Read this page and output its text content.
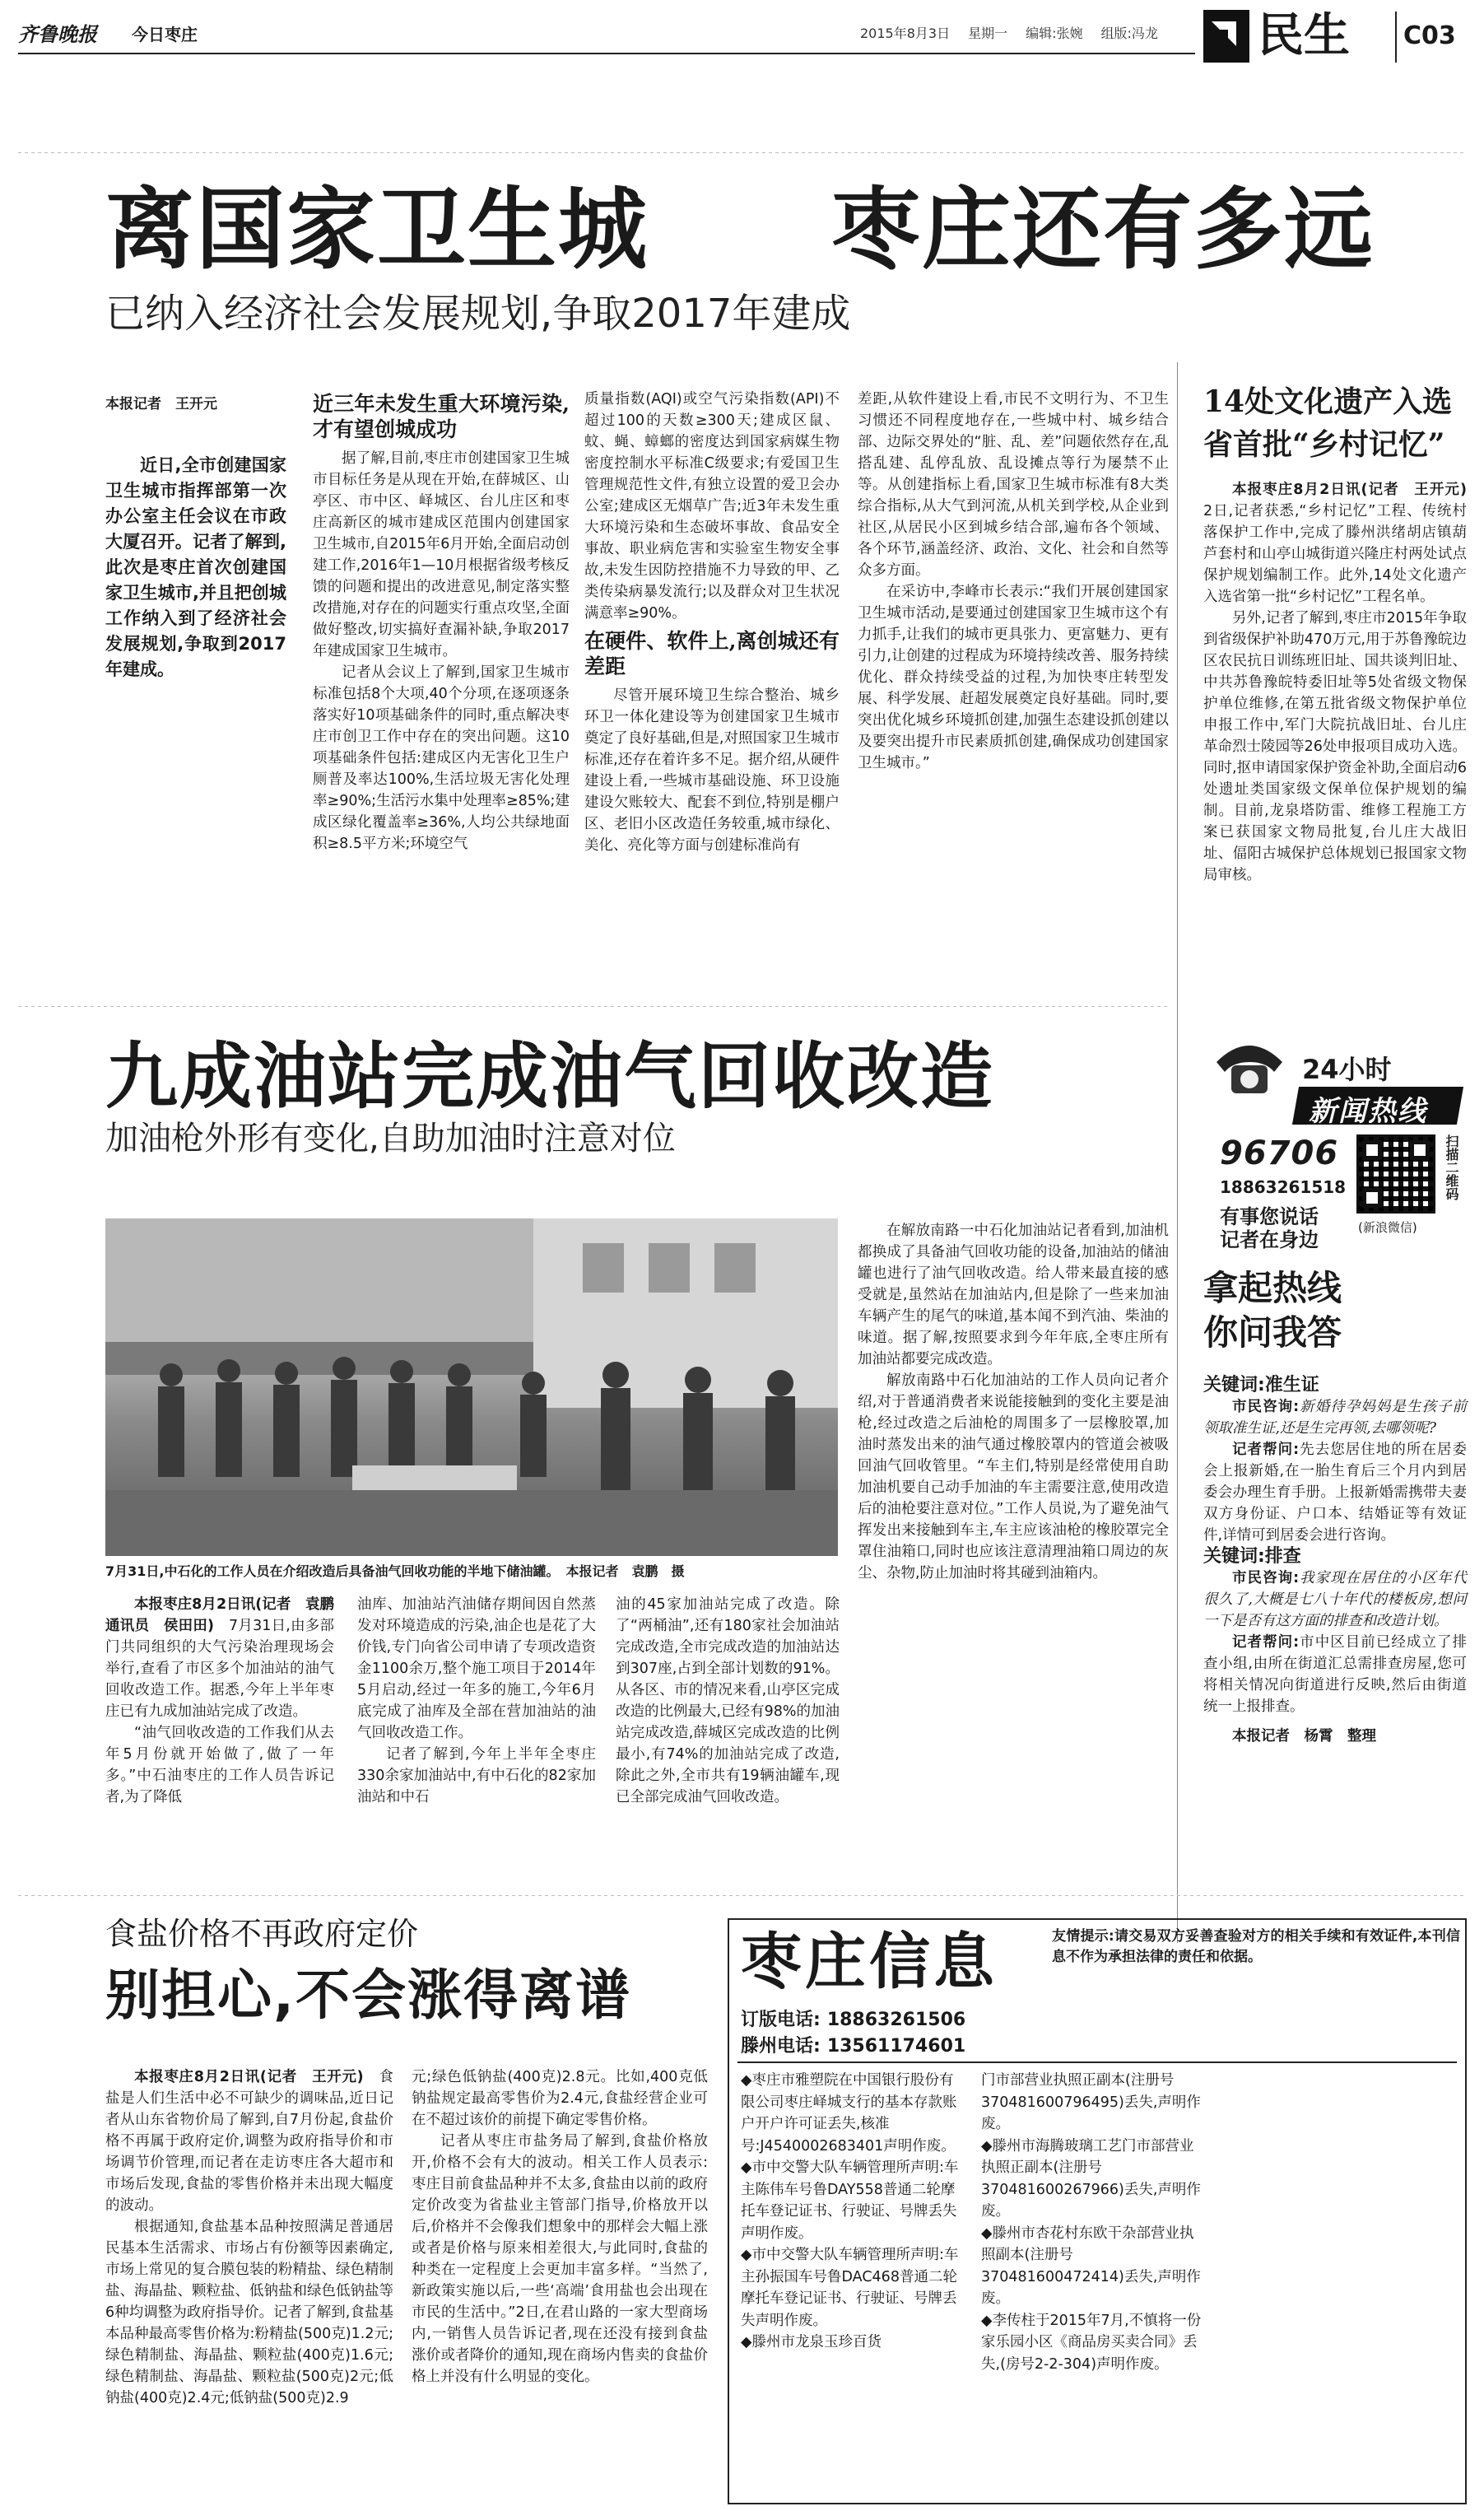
齐鲁晚报 今日枣庄	2015年8月3日 星期一 编辑:张婉 组版:冯龙 民生 C03
离国家卫生城 枣庄还有多远
已纳入经济社会发展规划,争取2017年建成
本报记者　王开元

近日,全市创建国家卫生城市指挥部第一次办公室主任会议在市政大厦召开。记者了解到,此次是枣庄首次创建国家卫生城市,并且把创城工作纳入到了经济社会发展规划,争取到2017年建成。

近三年未发生重大环境污染,才有望创城成功

据了解,目前,枣庄市创建国家卫生城市目标任务是从现在开始,在薛城区、山亭区、市中区、峄城区、台儿庄区和枣庄高新区的城市建成区范围内创建国家卫生城市,自2015年6月开始,全面启动创建工作,2016年1—10月根据省级考核反馈的问题和提出的改进意见,制定落实整改措施,对存在的问题实行重点攻坚,全面做好整改,切实搞好查漏补缺,争取2017年建成国家卫生城市。

记者从会议上了解到,国家卫生城市标准包括8个大项,40个分项,在逐项逐条落实好10项基础条件的同时,重点解决枣庄市创卫工作中存在的突出问题。这10项基础条件包括:建成区内无害化卫生户厕普及率达100%,生活垃圾无害化处理率≥90%;生活污水集中处理率≥85%;建成区绿化覆盖率≥36%,人均公共绿地面积≥8.5平方米;环境空气

质量指数(AQI)或空气污染指数(API)不超过100的天数≥300天;建成区鼠、蚊、蝇、蟑螂的密度达到国家病媒生物密度控制水平标准C级要求;有爱国卫生管理规范性文件,有独立设置的爱卫会办公室;建成区无烟草广告;近3年未发生重大环境污染和生态破坏事故、食品安全事故、职业病危害和实验室生物安全事故,未发生因防控措施不力导致的甲、乙类传染病暴发流行;以及群众对卫生状况满意率≥90%。

在硬件、软件上,离创城还有差距

尽管开展环境卫生综合整治、城乡环卫一体化建设等为创建国家卫生城市奠定了良好基础,但是,对照国家卫生城市标准,还存在着许多不足。据介绍,从硬件建设上看,一些城市基础设施、环卫设施建设欠账较大、配套不到位,特别是棚户区、老旧小区改造任务较重,城市绿化、美化、亮化等方面与创建标准尚有

差距,从软件建设上看,市民不文明行为、不卫生习惯还不同程度地存在,一些城中村、城乡结合部、边际交界处的“脏、乱、差”问题依然存在,乱搭乱建、乱停乱放、乱设摊点等行为屡禁不止等。从创建指标上看,国家卫生城市标准有8大类综合指标,从大气到河流,从机关到学校,从企业到社区,从居民小区到城乡结合部,遍布各个领域、各个环节,涵盖经济、政治、文化、社会和自然等众多方面。

在采访中,李峰市长表示:“我们开展创建国家卫生城市活动,是要通过创建国家卫生城市这个有力抓手,让我们的城市更具张力、更富魅力、更有引力,让创建的过程成为环境持续改善、服务持续优化、群众持续受益的过程,为加快枣庄转型发展、科学发展、赶超发展奠定良好基础。同时,要突出优化城乡环境抓创建,加强生态建设抓创建以及要突出提升市民素质抓创建,确保成功创建国家卫生城市。”

14处文化遗产入选省首批“乡村记忆”

本报枣庄8月2日讯(记者　王开元)　2日,记者获悉,“乡村记忆”工程、传统村落保护工作中,完成了滕州洪绪胡店镇葫芦套村和山亭山城街道兴隆庄村两处试点保护规划编制工作。此外,14处文化遗产入选省第一批“乡村记忆”工程名单。

另外,记者了解到,枣庄市2015年争取到省级保护补助470万元,用于苏鲁豫皖边区农民抗日训练班旧址、国共谈判旧址、中共苏鲁豫皖特委旧址等5处省级文物保护单位维修,在第五批省级文物保护单位申报工作中,军门大院抗战旧址、台儿庄革命烈士陵园等26处申报项目成功入选。同时,抠申请国家保护资金补助,全面启动6处遗址类国家级文保单位保护规划的编制。目前,龙泉塔防雷、维修工程施工方案已获国家文物局批复,台儿庄大战旧址、偪阳古城保护总体规划已报国家文物局审核。

24小时
新闻热线
96706
18863261518
有事您说话
记者在身边
扫描二维码
(新浪微信)
拿起热线
你问我答
关键词:准生证

市民咨询:新婚待孕妈妈是生孩子前领取准生证,还是生完再领,去哪领呢?

记者帮问:先去您居住地的所在居委会上报新婚,在一胎生育后三个月内到居委会办理生育手册。上报新婚需携带夫妻双方身份证、户口本、结婚证等有效证件,详情可到居委会进行咨询。

关键词:排查

市民咨询:我家现在居住的小区年代很久了,大概是七八十年代的楼板房,想问一下是否有这方面的排查和改造计划。

记者帮问:市中区目前已经成立了排查小组,由所在街道汇总需排查房屋,您可将相关情况向街道进行反映,然后由街道统一上报排查。

本报记者　杨霄　整理

九成油站完成油气回收改造
加油枪外形有变化,自助加油时注意对位
7月31日,中石化的工作人员在介绍改造后具备油气回收功能的半地下储油罐。　本报记者　袁鹏　摄

在解放南路一中石化加油站记者看到,加油机都换成了具备油气回收功能的设备,加油站的储油罐也进行了油气回收改造。给人带来最直接的感受就是,虽然站在加油站内,但是除了一些来加油车辆产生的尾气的味道,基本闻不到汽油、柴油的味道。据了解,按照要求到今年年底,全枣庄所有加油站都要完成改造。

解放南路中石化加油站的工作人员向记者介绍,对于普通消费者来说能接触到的变化主要是油枪,经过改造之后油枪的周围多了一层橡胶罩,加油时蒸发出来的油气通过橡胶罩内的管道会被吸回油气回收管里。“车主们,特别是经常使用自助加油机要自己动手加油的车主需要注意,使用改造后的油枪要注意对位。”工作人员说,为了避免油气挥发出来接触到车主,车主应该油枪的橡胶罩完全罩住油箱口,同时也应该注意清理油箱口周边的灰尘、杂物,防止加油时将其碰到油箱内。

本报枣庄8月2日讯(记者　袁鹏　通讯员　侯田田)　 7月31日,由多部门共同组织的大气污染治理现场会举行,查看了市区多个加油站的油气回收改造工作。据悉,今年上半年枣庄已有九成加油站完成了改造。

“油气回收改造的工作我们从去年5月份就开始做了,做了一年多。”中石油枣庄的工作人员告诉记者,为了降低

油库、加油站汽油储存期间因自然蒸发对环境造成的污染,油企也是花了大价钱,专门向省公司申请了专项改造资金1100余万,整个施工项目于2014年5月启动,经过一年多的施工,今年6月底完成了油库及全部在营加油站的油气回收改造工作。

记者了解到,今年上半年全枣庄330余家加油站中,有中石化的82家加油站和中石

油的45家加油站完成了改造。除了“两桶油”,还有180家社会加油站完成改造,全市完成改造的加油站达到307座,占到全部计划数的91%。从各区、市的情况来看,山亭区完成改造的比例最大,已经有98%的加油站完成改造,薛城区完成改造的比例最小,有74%的加油站完成了改造,除此之外,全市共有19辆油罐车,现已全部完成油气回收改造。

食盐价格不再政府定价
别担心,不会涨得离谱

本报枣庄8月2日讯(记者　王开元)　 食盐是人们生活中必不可缺少的调味品,近日记者从山东省物价局了解到,自7月份起,食盐价格不再属于政府定价,调整为政府指导价和市场调节价管理,而记者在走访枣庄各大超市和市场后发现,食盐的零售价格并未出现大幅度的波动。

根据通知,食盐基本品种按照满足普通居民基本生活需求、市场占有份额等因素确定,市场上常见的复合膜包装的粉精盐、绿色精制盐、海晶盐、颗粒盐、低钠盐和绿色低钠盐等6种均调整为政府指导价。记者了解到,食盐基本品种最高零售价格为:粉精盐(500克)1.2元;绿色精制盐、海晶盐、颗粒盐(400克)1.6元;绿色精制盐、海晶盐、颗粒盐(500克)2元;低钠盐(400克)2.4元;低钠盐(500克)2.9

元;绿色低钠盐(400克)2.8元。比如,400克低钠盐规定最高零售价为2.4元,食盐经营企业可在不超过该价的前提下确定零售价格。

记者从枣庄市盐务局了解到,食盐价格放开,价格不会有大的波动。相关工作人员表示:枣庄目前食盐品种并不太多,食盐由以前的政府定价改变为省盐业主管部门指导,价格放开以后,价格并不会像我们想象中的那样会大幅上涨或者是价格与原来相差很大,与此同时,食盐的种类在一定程度上会更加丰富多样。“当然了,新政策实施以后,一些‘高端’食用盐也会出现在市民的生活中。”2日,在君山路的一家大型商场内,一销售人员告诉记者,现在还没有接到食盐涨价或者降价的通知,现在商场内售卖的食盐价格上并没有什么明显的变化。

枣庄信息
订版电话: 18863261506
滕州电话: 13561174601
友情提示:请交易双方妥善查验对方的相关手续和有效证件,本刊信息不作为承担法律的责任和依据。
◆枣庄市雅塑院在中国银行股份有限公司枣庄峄城支行的基本存款账户开户许可证丢失,核准号:J4540002683401声明作废。
◆市中交警大队车辆管理所声明:车主陈伟车号鲁DAY558普通二轮摩托车登记证书、行驶证、号牌丢失声明作废。
◆市中交警大队车辆管理所声明:车主孙振国车号鲁DAC468普通二轮摩托车登记证书、行驶证、号牌丢失声明作废。
◆滕州市龙泉玉珍百货
门市部营业执照正副本(注册号370481600796495)丢失,声明作废。
◆滕州市海腾玻璃工艺门市部营业执照正副本(注册号370481600267966)丢失,声明作废。
◆滕州市杏花村东欧干杂部营业执照副本(注册号370481600472414)丢失,声明作废。
◆李传柱于2015年7月,不慎将一份家乐园小区《商品房买卖合同》丢失,(房号2-2-304)声明作废。
